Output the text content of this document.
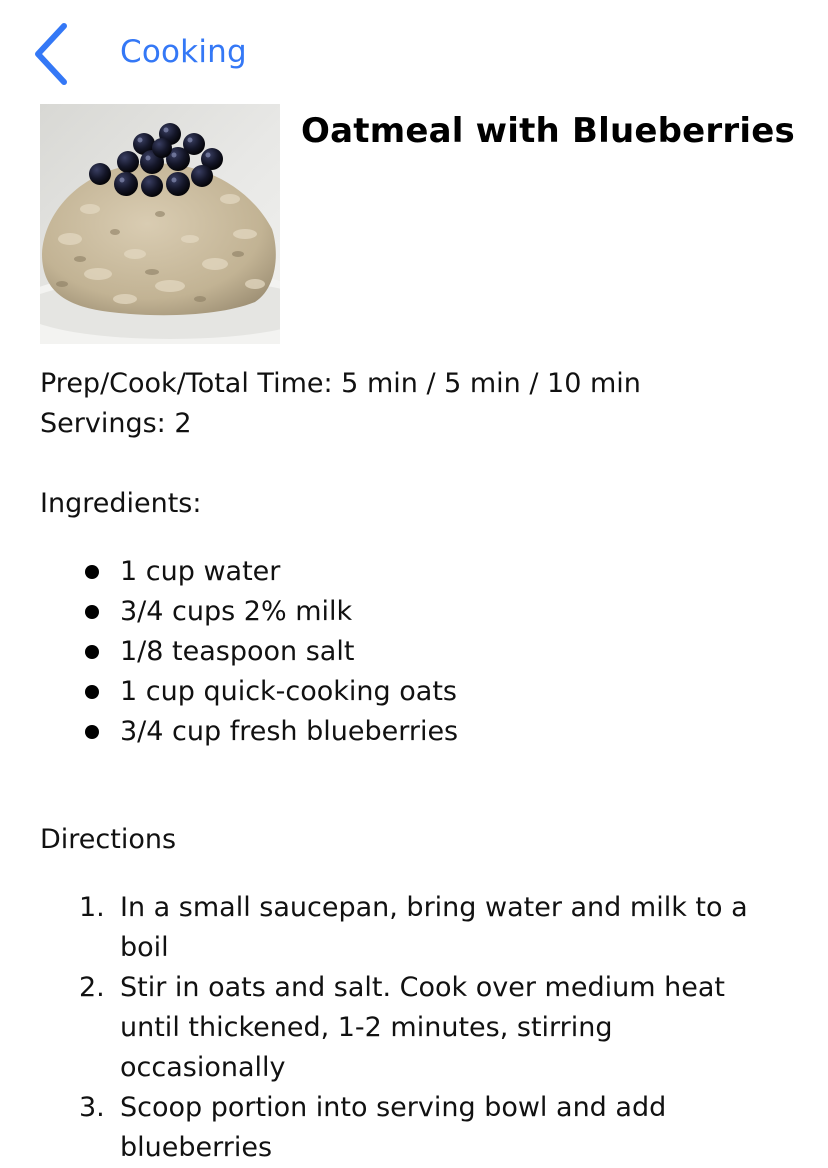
Cooking
Oatmeal with Blueberries
Prep/Cook/Total Time: 5 min / 5 min / 10 min
Servings: 2
Ingredients:
1 cup water
3/4 cups 2% milk
1/8 teaspoon salt
1 cup quick-cooking oats
3/4 cup fresh blueberries
Directions
1. In a small saucepan, bring water and milk to a boil
2. Stir in oats and salt. Cook over medium heat until thickened, 1-2 minutes, stirring occasionally
3. Scoop portion into serving bowl and add blueberries
